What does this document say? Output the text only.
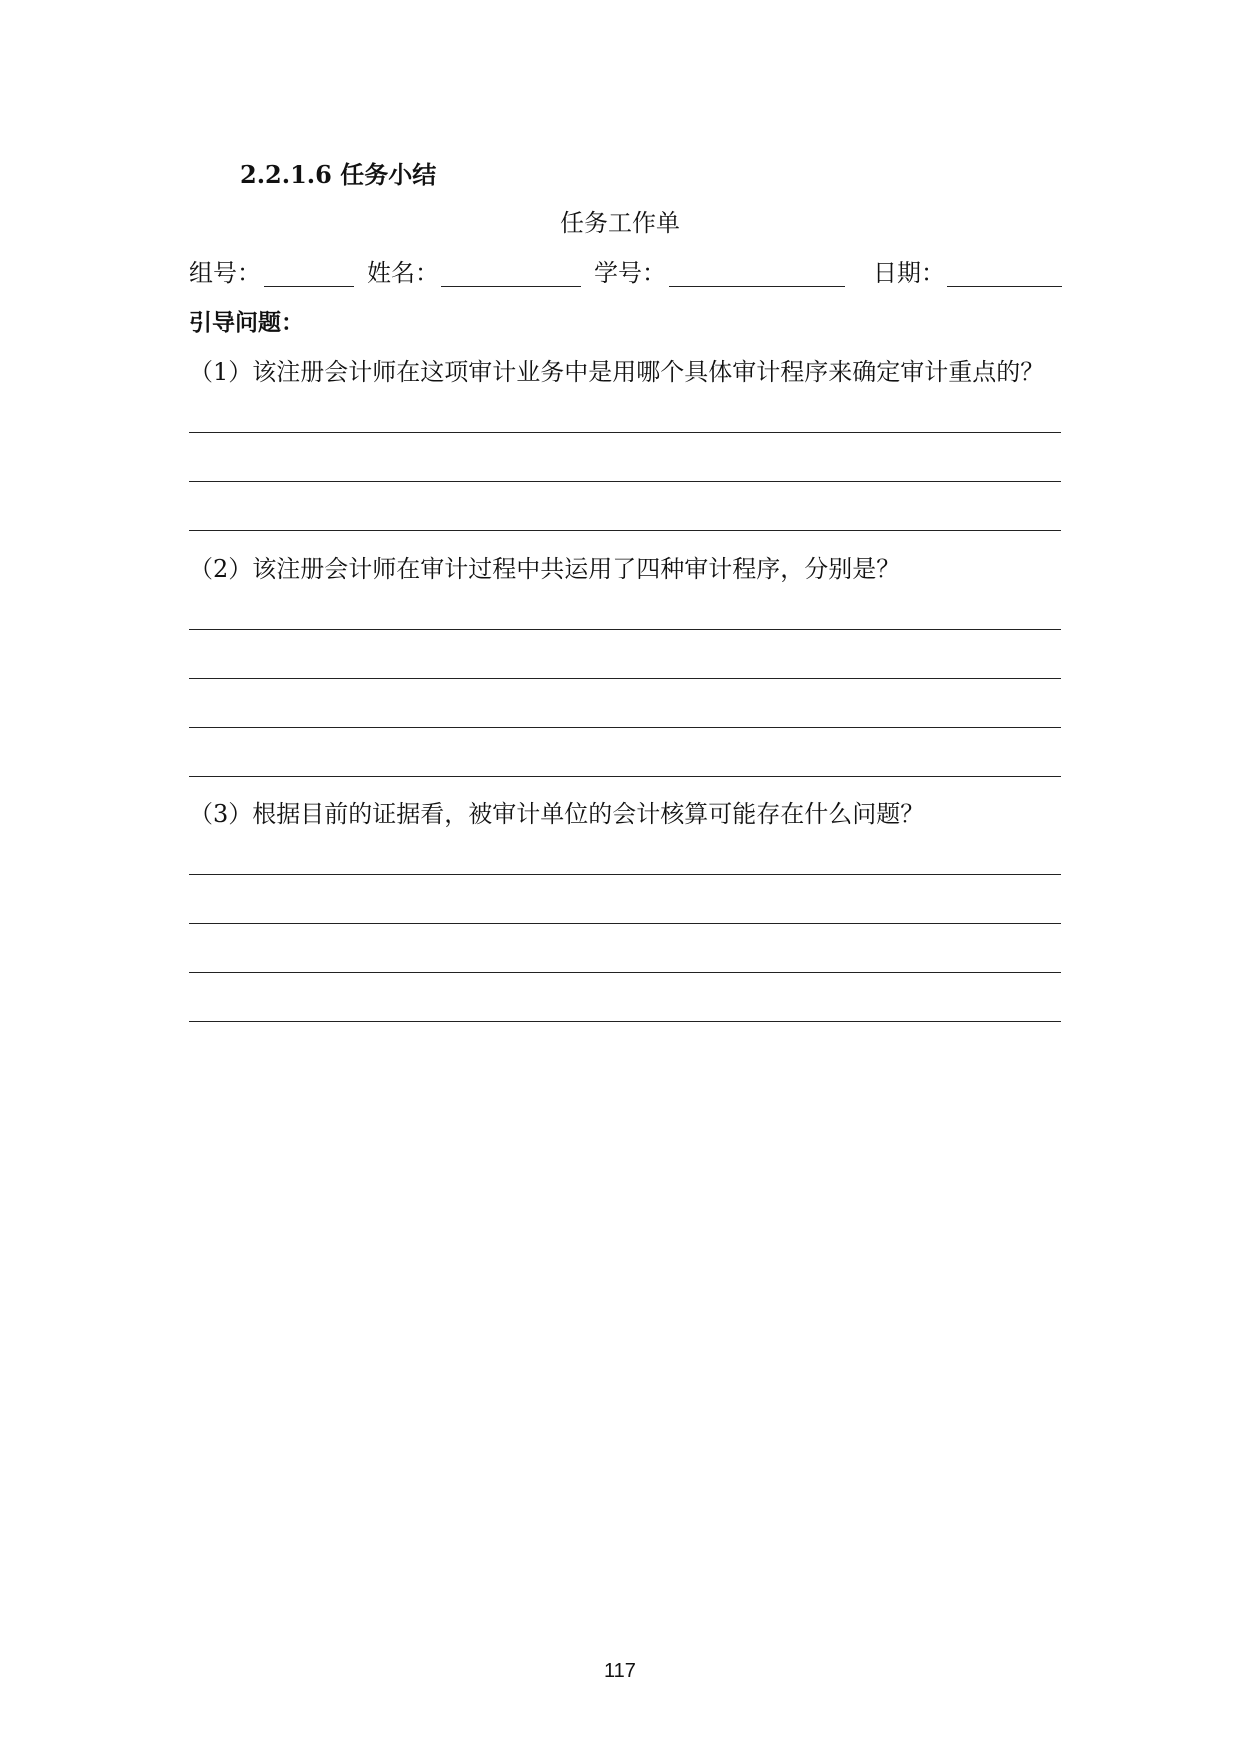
2.2.1.6 任务小结
任务工作单
组号：	姓名：	学号：	日期：
引导问题：
（1）该注册会计师在这项审计业务中是用哪个具体审计程序来确定审计重点的？
（2）该注册会计师在审计过程中共运用了四种审计程序，分别是？
（3）根据目前的证据看，被审计单位的会计核算可能存在什么问题？
117
